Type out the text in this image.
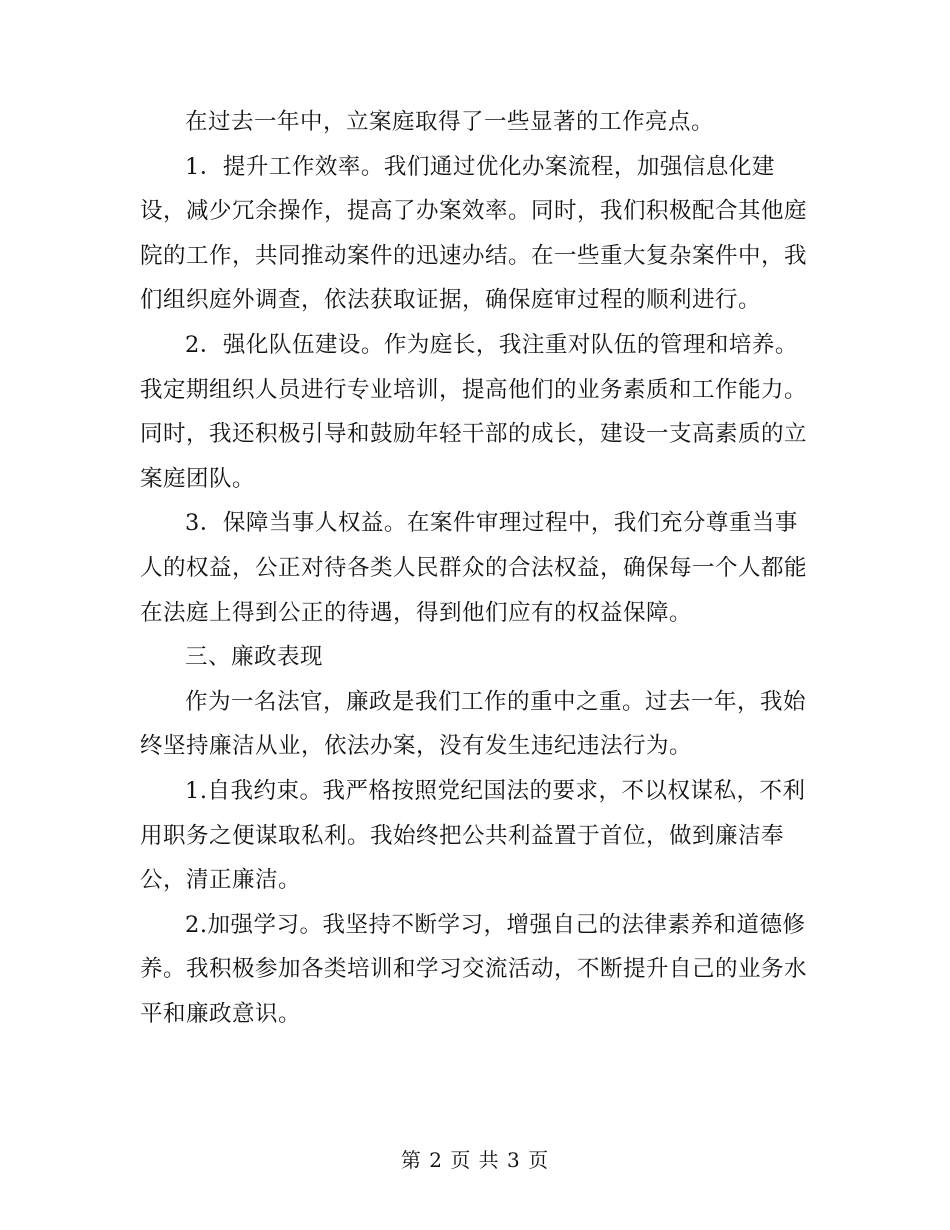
在过去一年中，立案庭取得了一些显著的工作亮点。

1．提升工作效率。我们通过优化办案流程，加强信息化建设，减少冗余操作，提高了办案效率。同时，我们积极配合其他庭院的工作，共同推动案件的迅速办结。在一些重大复杂案件中，我们组织庭外调查，依法获取证据，确保庭审过程的顺利进行。

2．强化队伍建设。作为庭长，我注重对队伍的管理和培养。我定期组织人员进行专业培训，提高他们的业务素质和工作能力。同时，我还积极引导和鼓励年轻干部的成长，建设一支高素质的立案庭团队。

3．保障当事人权益。在案件审理过程中，我们充分尊重当事人的权益，公正对待各类人民群众的合法权益，确保每一个人都能在法庭上得到公正的待遇，得到他们应有的权益保障。

三、廉政表现

作为一名法官，廉政是我们工作的重中之重。过去一年，我始终坚持廉洁从业，依法办案，没有发生违纪违法行为。

1.自我约束。我严格按照党纪国法的要求，不以权谋私，不利用职务之便谋取私利。我始终把公共利益置于首位，做到廉洁奉公，清正廉洁。

2.加强学习。我坚持不断学习，增强自己的法律素养和道德修养。我积极参加各类培训和学习交流活动，不断提升自己的业务水平和廉政意识。

第 2 页 共 3 页
